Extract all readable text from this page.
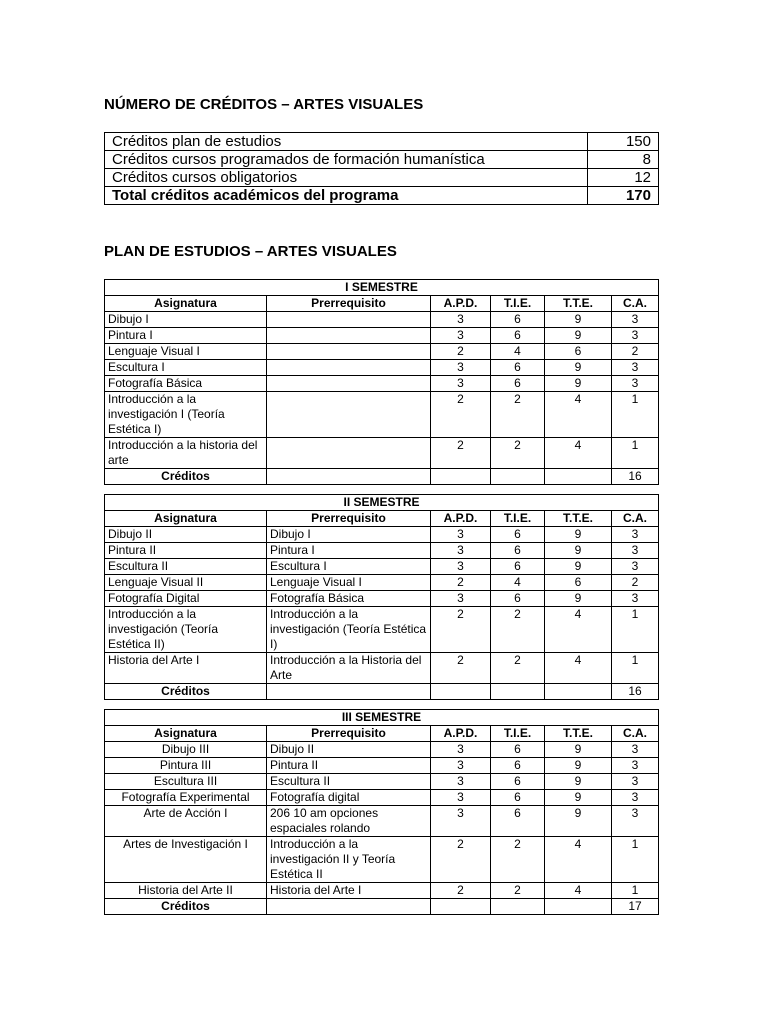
NÚMERO DE CRÉDITOS – ARTES VISUALES
Créditos plan de estudios	150
Créditos cursos programados de formación humanística	8
Créditos cursos obligatorios	12
Total créditos académicos del programa	170
PLAN DE ESTUDIOS – ARTES VISUALES
I SEMESTRE					
Asignatura	Prerrequisito	A.P.D.	T.I.E.	T.T.E.	C.A.
Dibujo I		3	6	9	3
Pintura I		3	6	9	3
Lenguaje Visual I		2	4	6	2
Escultura I		3	6	9	3
Fotografía Básica		3	6	9	3
Introducción a la investigación I (Teoría Estética I)		2	2	4	1
Introducción a la historia del arte		2	2	4	1
Créditos					16
II SEMESTRE					
Asignatura	Prerrequisito	A.P.D.	T.I.E.	T.T.E.	C.A.
Dibujo II	Dibujo I	3	6	9	3
Pintura II	Pintura I	3	6	9	3
Escultura II	Escultura I	3	6	9	3
Lenguaje Visual II	Lenguaje Visual I	2	4	6	2
Fotografía Digital	Fotografía Básica	3	6	9	3
Introducción a la investigación (Teoría Estética II)	Introducción a la investigación (Teoría Estética I)	2	2	4	1
Historia del Arte I	Introducción a la Historia del Arte	2	2	4	1
Créditos					16
III SEMESTRE					
Asignatura	Prerrequisito	A.P.D.	T.I.E.	T.T.E.	C.A.
Dibujo III	Dibujo II	3	6	9	3
Pintura III	Pintura II	3	6	9	3
Escultura III	Escultura II	3	6	9	3
Fotografía Experimental	Fotografía digital	3	6	9	3
Arte de Acción I	206 10 am opciones espaciales rolando	3	6	9	3
Artes de Investigación I	Introducción a la investigación II y Teoría Estética II	2	2	4	1
Historia del Arte II	Historia del Arte I	2	2	4	1
Créditos					17
